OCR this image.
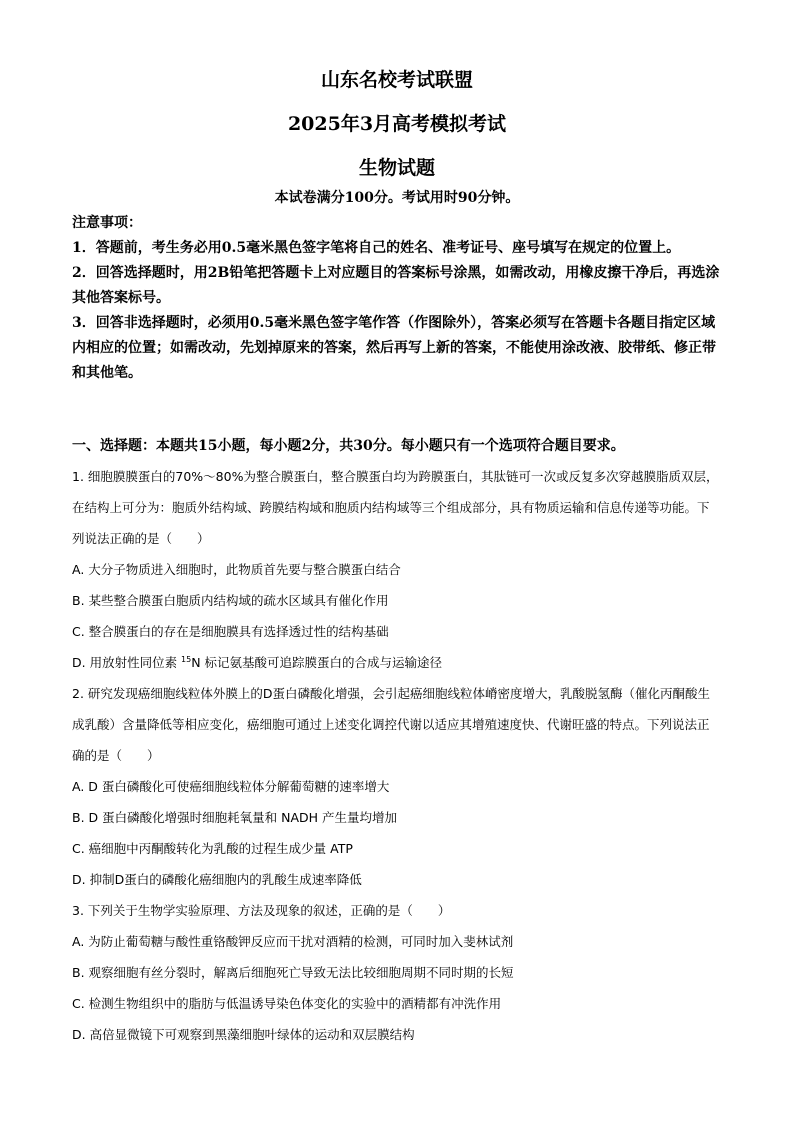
山东名校考试联盟
2025年3月高考模拟考试
生物试题
本试卷满分100分。考试用时90分钟。

注意事项：

1．答题前，考生务必用0.5毫米黑色签字笔将自己的姓名、准考证号、座号填写在规定的位置上。

2．回答选择题时，用2B铅笔把答题卡上对应题目的答案标号涂黑，如需改动，用橡皮擦干净后，再选涂其他答案标号。

3．回答非选择题时，必须用0.5毫米黑色签字笔作答（作图除外），答案必须写在答题卡各题目指定区域内相应的位置；如需改动，先划掉原来的答案，然后再写上新的答案，不能使用涂改液、胶带纸、修正带和其他笔。

一、选择题：本题共15小题，每小题2分，共30分。每小题只有一个选项符合题目要求。

1. 细胞膜膜蛋白的70%～80%为整合膜蛋白，整合膜蛋白均为跨膜蛋白，其肽链可一次或反复多次穿越膜脂质双层，在结构上可分为：胞质外结构域、跨膜结构域和胞质内结构域等三个组成部分，具有物质运输和信息传递等功能。下列说法正确的是（　　）

A. 大分子物质进入细胞时，此物质首先要与整合膜蛋白结合

B. 某些整合膜蛋白胞质内结构域的疏水区域具有催化作用

C. 整合膜蛋白的存在是细胞膜具有选择透过性的结构基础

D. 用放射性同位素 $^{15}$N 标记氨基酸可追踪膜蛋白的合成与运输途径

2. 研究发现癌细胞线粒体外膜上的D蛋白磷酸化增强，会引起癌细胞线粒体嵴密度增大，乳酸脱氢酶（催化丙酮酸生成乳酸）含量降低等相应变化，癌细胞可通过上述变化调控代谢以适应其增殖速度快、代谢旺盛的特点。下列说法正确的是（　　）

A. D 蛋白磷酸化可使癌细胞线粒体分解葡萄糖的速率增大

B. D 蛋白磷酸化增强时细胞耗氧量和 NADH 产生量均增加

C. 癌细胞中丙酮酸转化为乳酸的过程生成少量 ATP

D. 抑制D蛋白的磷酸化癌细胞内的乳酸生成速率降低

3. 下列关于生物学实验原理、方法及现象的叙述，正确的是（　　）

A. 为防止葡萄糖与酸性重铬酸钾反应而干扰对酒精的检测，可同时加入斐林试剂

B. 观察细胞有丝分裂时，解离后细胞死亡导致无法比较细胞周期不同时期的长短

C. 检测生物组织中的脂肪与低温诱导染色体变化的实验中的酒精都有冲洗作用

D. 高倍显微镜下可观察到黑藻细胞叶绿体的运动和双层膜结构
